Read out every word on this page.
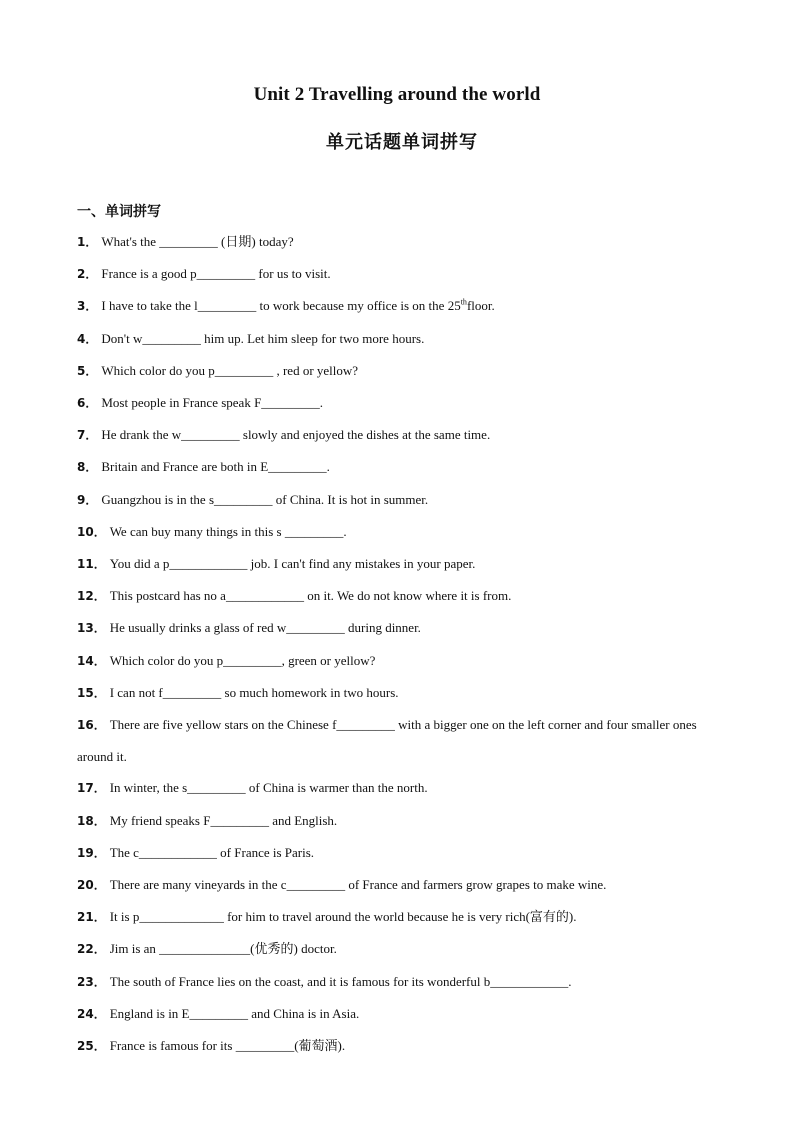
Unit 2 Travelling around the world
单元话题单词拼写
一、单词拼写
1． What's the _________ (日期) today?
2． France is a good p_________ for us to visit.
3． I have to take the l_________ to work because my office is on the 25thfloor.
4． Don't w_________ him up. Let him sleep for two more hours.
5． Which color do you p_________ , red or yellow?
6． Most people in France speak F_________.
7． He drank the w_________ slowly and enjoyed the dishes at the same time.
8． Britain and France are both in E_________.
9． Guangzhou is in the s_________ of China. It is hot in summer.
10． We can buy many things in this s _________.
11． You did a p____________ job. I can't find any mistakes in your paper.
12． This postcard has no a____________ on it. We do not know where it is from.
13． He usually drinks a glass of red w_________ during dinner.
14． Which color do you p_________, green or yellow?
15． I can not f_________ so much homework in two hours.
16． There are five yellow stars on the Chinese f_________ with a bigger one on the left corner and four smaller ones around it.
17． In winter, the s_________ of China is warmer than the north.
18． My friend speaks F_________ and English.
19． The c____________ of France is Paris.
20． There are many vineyards in the c_________ of France and farmers grow grapes to make wine.
21． It is p_____________ for him to travel around the world because he is very rich(富有的).
22． Jim is an ______________(优秀的) doctor.
23． The south of France lies on the coast, and it is famous for its wonderful b____________.
24． England is in E_________ and China is in Asia.
25． France is famous for its _________(葡萄酒).
